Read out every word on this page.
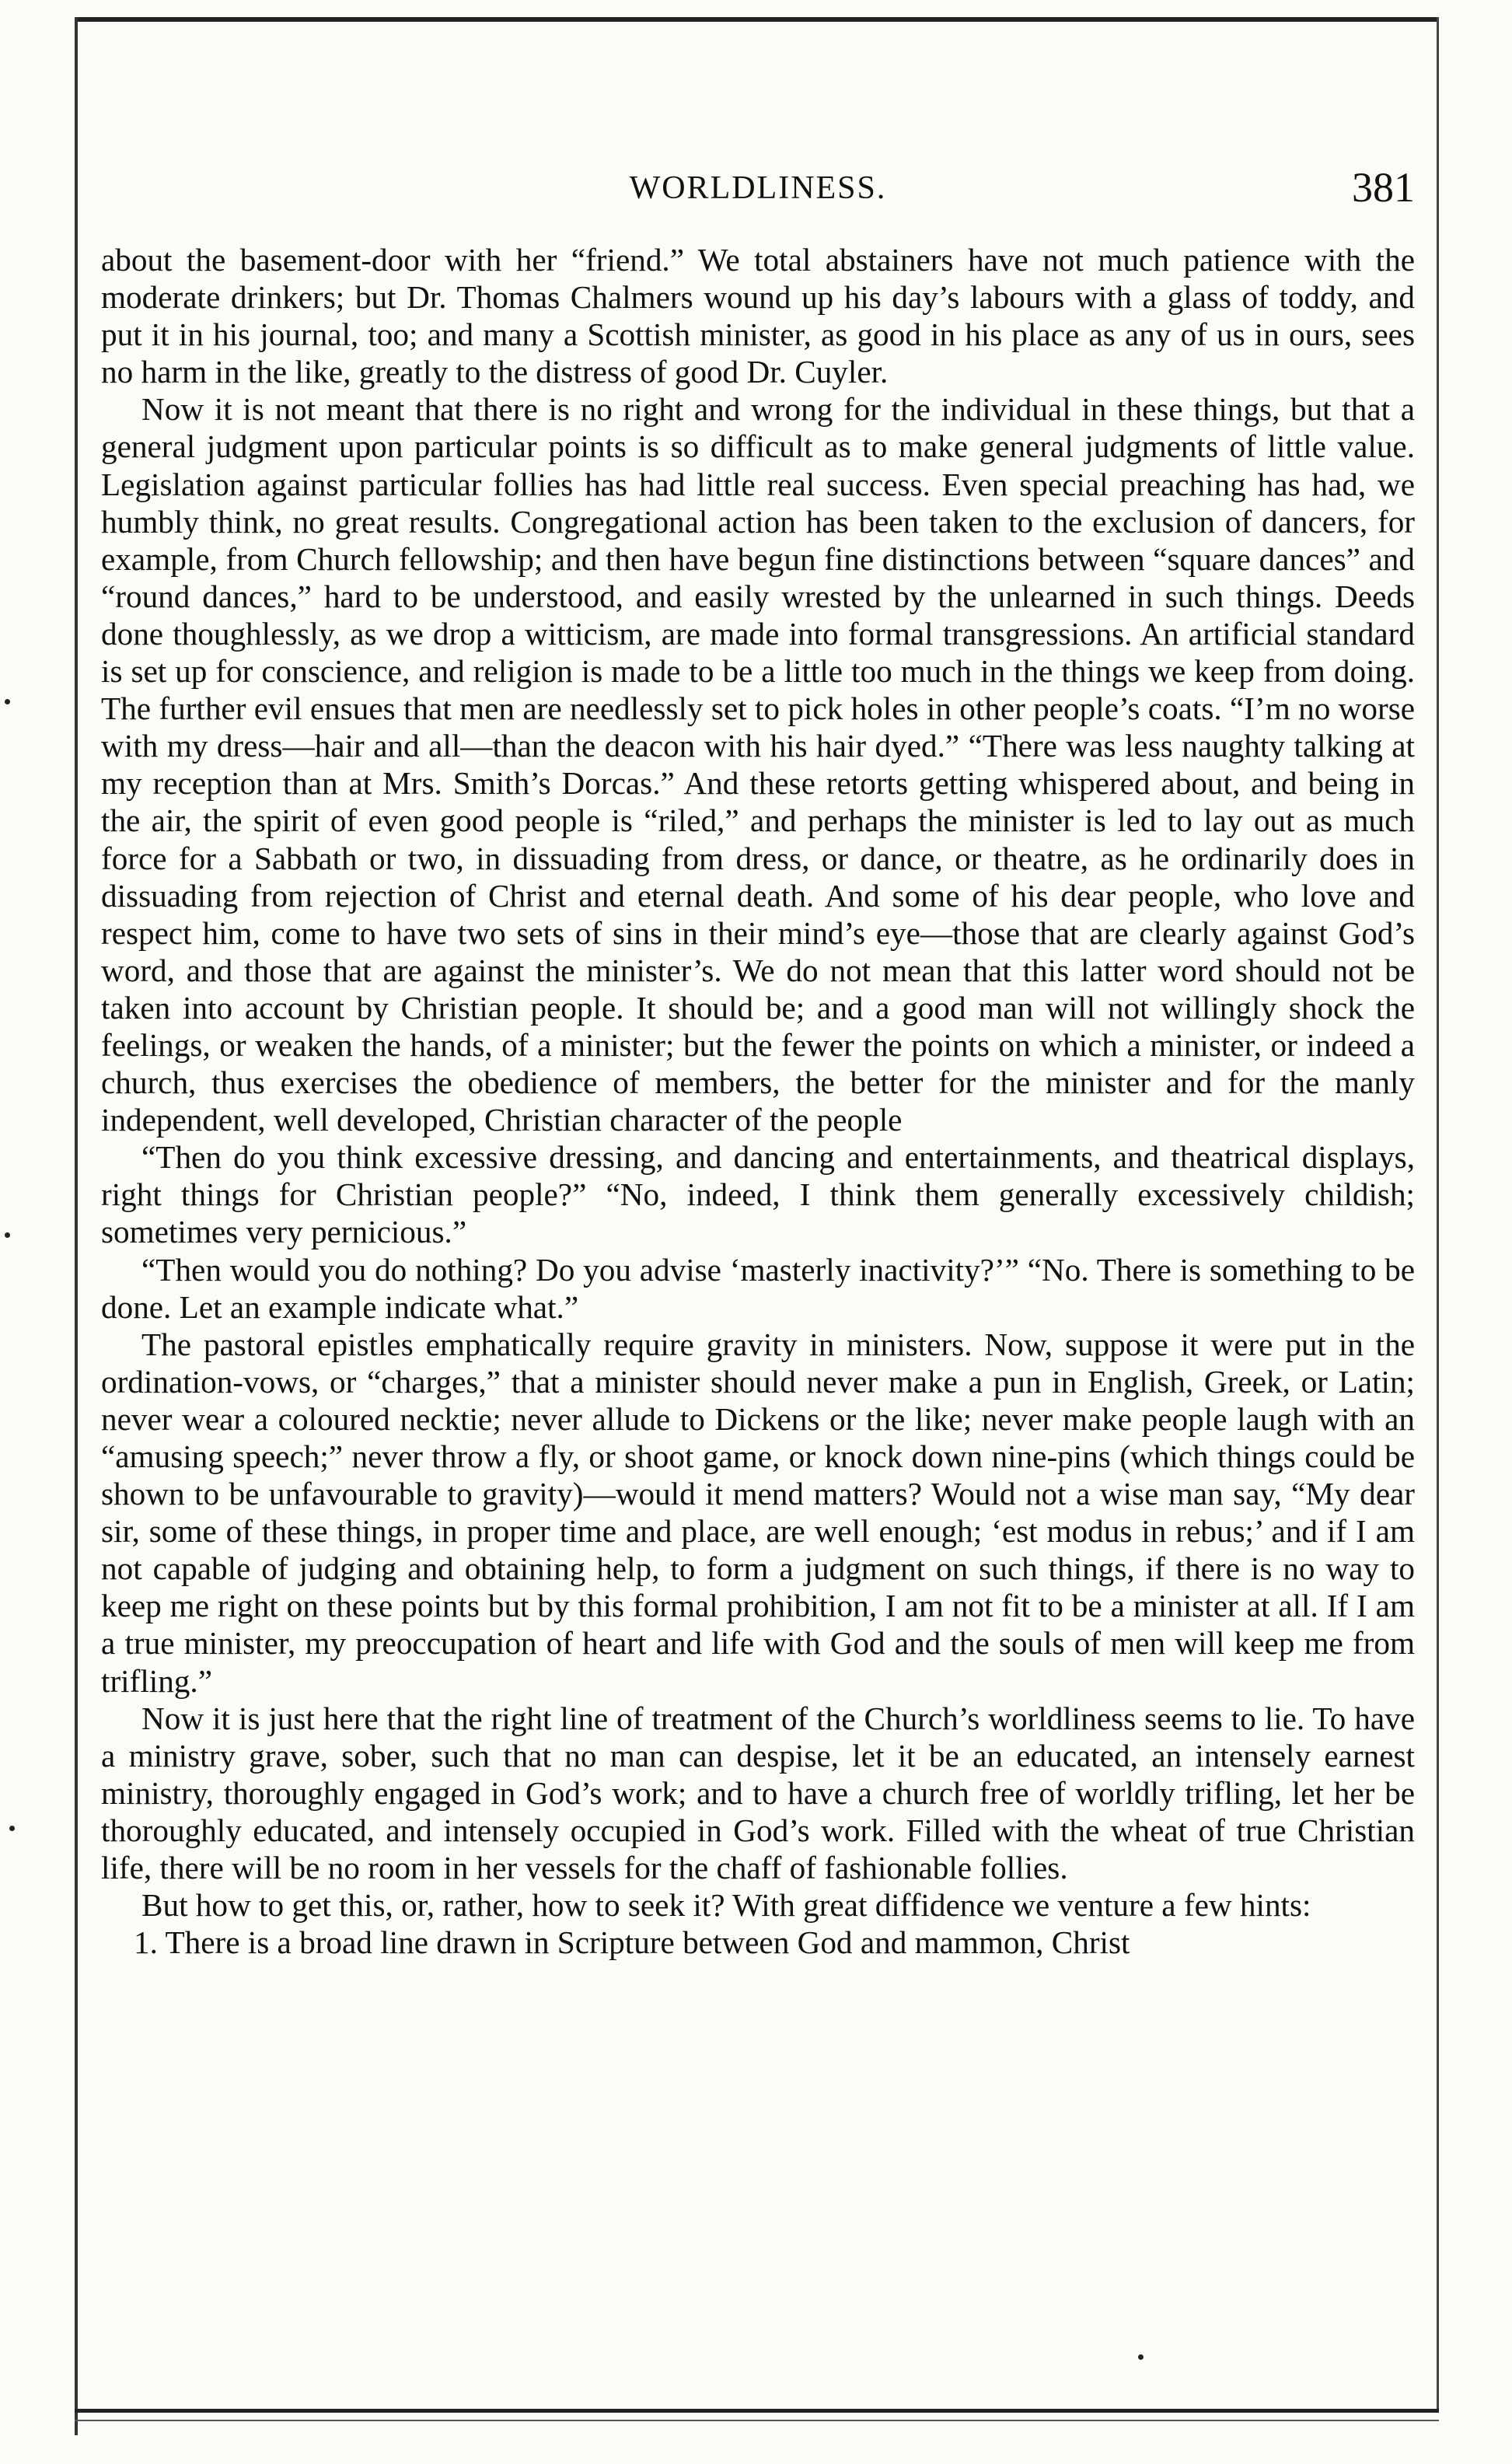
WORLDLINESS.	381

about the basement-door with her “friend.” We total abstainers have not much patience with the moderate drinkers; but Dr. Thomas Chalmers wound up his day’s labours with a glass of toddy, and put it in his journal, too; and many a Scottish minister, as good in his place as any of us in ours, sees no harm in the like, greatly to the distress of good Dr. Cuyler.

Now it is not meant that there is no right and wrong for the individual in these things, but that a general judgment upon particular points is so difficult as to make general judgments of little value. Legislation against particular follies has had little real success. Even special preaching has had, we humbly think, no great results. Congregational action has been taken to the exclusion of dancers, for example, from Church fellowship; and then have begun fine distinctions between “square dances” and “round dances,” hard to be understood, and easily wrested by the unlearned in such things. Deeds done thoughlessly, as we drop a witticism, are made into formal transgressions. An artificial standard is set up for conscience, and religion is made to be a little too much in the things we keep from doing. The further evil ensues that men are needlessly set to pick holes in other people’s coats. “I’m no worse with my dress—hair and all—than the deacon with his hair dyed.” “There was less naughty talking at my reception than at Mrs. Smith’s Dorcas.” And these retorts getting whispered about, and being in the air, the spirit of even good people is “riled,” and perhaps the minister is led to lay out as much force for a Sabbath or two, in dissuading from dress, or dance, or theatre, as he ordinarily does in dissuading from rejection of Christ and eternal death. And some of his dear people, who love and respect him, come to have two sets of sins in their mind’s eye—those that are clearly against God’s word, and those that are against the minister’s. We do not mean that this latter word should not be taken into account by Christian people. It should be; and a good man will not willingly shock the feelings, or weaken the hands, of a minister; but the fewer the points on which a minister, or indeed a church, thus exercises the obedience of members, the better for the minister and for the manly independent, well developed, Christian character of the people

“Then do you think excessive dressing, and dancing and entertainments, and theatrical displays, right things for Christian people?” “No, indeed, I think them generally excessively childish; sometimes very pernicious.”

“Then would you do nothing? Do you advise ‘masterly inactivity?’” “No. There is something to be done. Let an example indicate what.”

The pastoral epistles emphatically require gravity in ministers. Now, suppose it were put in the ordination-vows, or “charges,” that a minister should never make a pun in English, Greek, or Latin; never wear a coloured necktie; never allude to Dickens or the like; never make people laugh with an “amusing speech;” never throw a fly, or shoot game, or knock down nine-pins (which things could be shown to be unfavourable to gravity)—would it mend matters? Would not a wise man say, “My dear sir, some of these things, in proper time and place, are well enough; ‘est modus in rebus;’ and if I am not capable of judging and obtaining help, to form a judgment on such things, if there is no way to keep me right on these points but by this formal prohibition, I am not fit to be a minister at all. If I am a true minister, my preoccupation of heart and life with God and the souls of men will keep me from trifling.”

Now it is just here that the right line of treatment of the Church’s worldliness seems to lie. To have a ministry grave, sober, such that no man can despise, let it be an educated, an intensely earnest ministry, thoroughly engaged in God’s work; and to have a church free of worldly trifling, let her be thoroughly educated, and intensely occupied in God’s work. Filled with the wheat of true Christian life, there will be no room in her vessels for the chaff of fashionable follies.

But how to get this, or, rather, how to seek it? With great diffidence we venture a few hints:

1. There is a broad line drawn in Scripture between God and mammon, Christ
